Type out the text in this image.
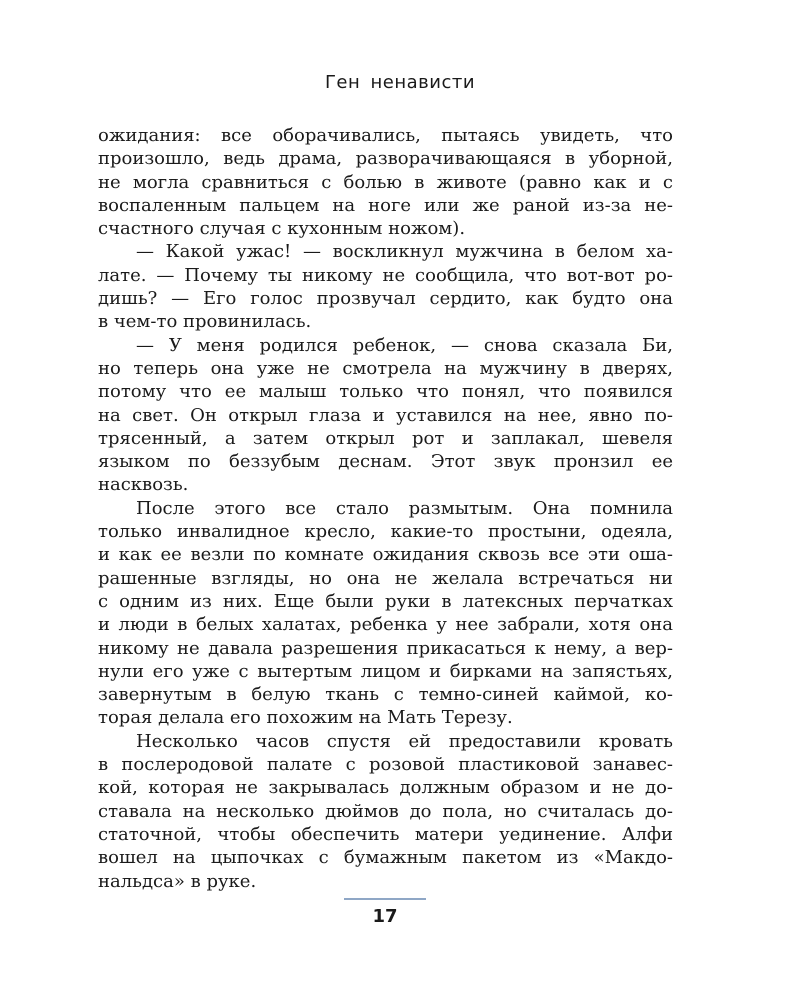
Ген ненависти
ожидания: все оборачивались, пытаясь увидеть, что
произошло, ведь драма, разворачивающаяся в уборной,
не могла сравниться с болью в животе (равно как и с
воспаленным пальцем на ноге или же раной из-за не-
счастного случая с кухонным ножом).
— Какой ужас! — воскликнул мужчина в белом ха-
лате. — Почему ты никому не сообщила, что вот-вот ро-
дишь? — Его голос прозвучал сердито, как будто она
в чем-то провинилась.
— У меня родился ребенок, — снова сказала Би,
но теперь она уже не смотрела на мужчину в дверях,
потому что ее малыш только что понял, что появился
на свет. Он открыл глаза и уставился на нее, явно по-
трясенный, а затем открыл рот и заплакал, шевеля
языком по беззубым деснам. Этот звук пронзил ее
насквозь.
После этого все стало размытым. Она помнила
только инвалидное кресло, какие-то простыни, одеяла,
и как ее везли по комнате ожидания сквозь все эти ошa-
рашенные взгляды, но она не желала встречаться ни
с одним из них. Еще были руки в латексных перчатках
и люди в белых халатах, ребенка у нее забрали, хотя она
никому не давала разрешения прикасаться к нему, а вер-
нули его уже с вытертым лицом и бирками на запястьях,
завернутым в белую ткань с темно-синей каймой, ко-
торая делала его похожим на Мать Терезу.
Несколько часов спустя ей предоставили кровать
в послеродовой палате с розовой пластиковой занавес-
кой, которая не закрывалась должным образом и не до-
ставала на несколько дюймов до пола, но считалась до-
статочной, чтобы обеспечить матери уединение. Алфи
вошел на цыпочках с бумажным пакетом из «Макдо-
нальдса» в руке.
17
